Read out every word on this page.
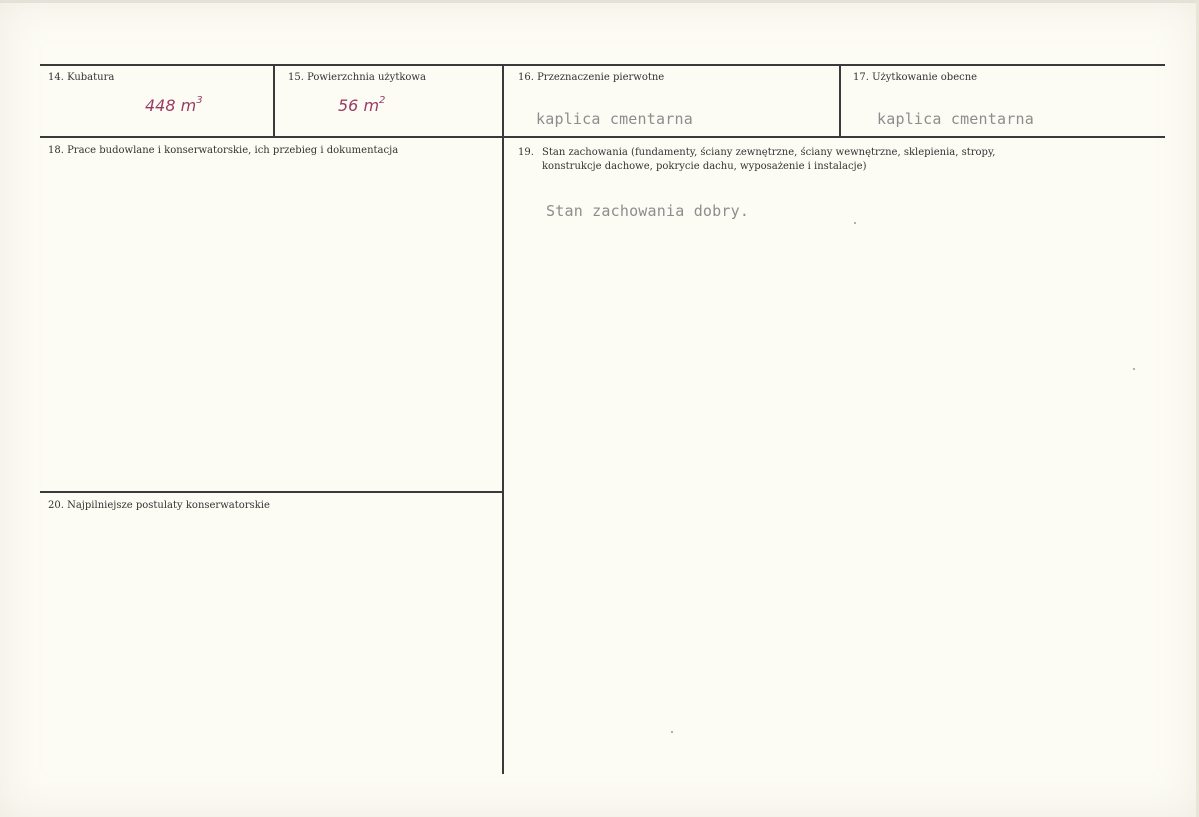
14. Kubatura
448 $m^3$
15. Powierzchnia użytkowa
56 $m^2$
16. Przeznaczenie pierwotne
kaplica cmentarna
17. Użytkowanie obecne
kaplica cmentarna
18. Prace budowlane i konserwatorskie, ich przebieg i dokumentacja	19. Stan zachowania (fundamenty, ściany zewnętrzne, ściany wewnętrzne, sklepienia, stropy,
konstrukcje dachowe, pokrycie dachu, wyposażenie i instalacje)
Stan zachowania dobry.
20. Najpilniejsze postulaty konserwatorskie
